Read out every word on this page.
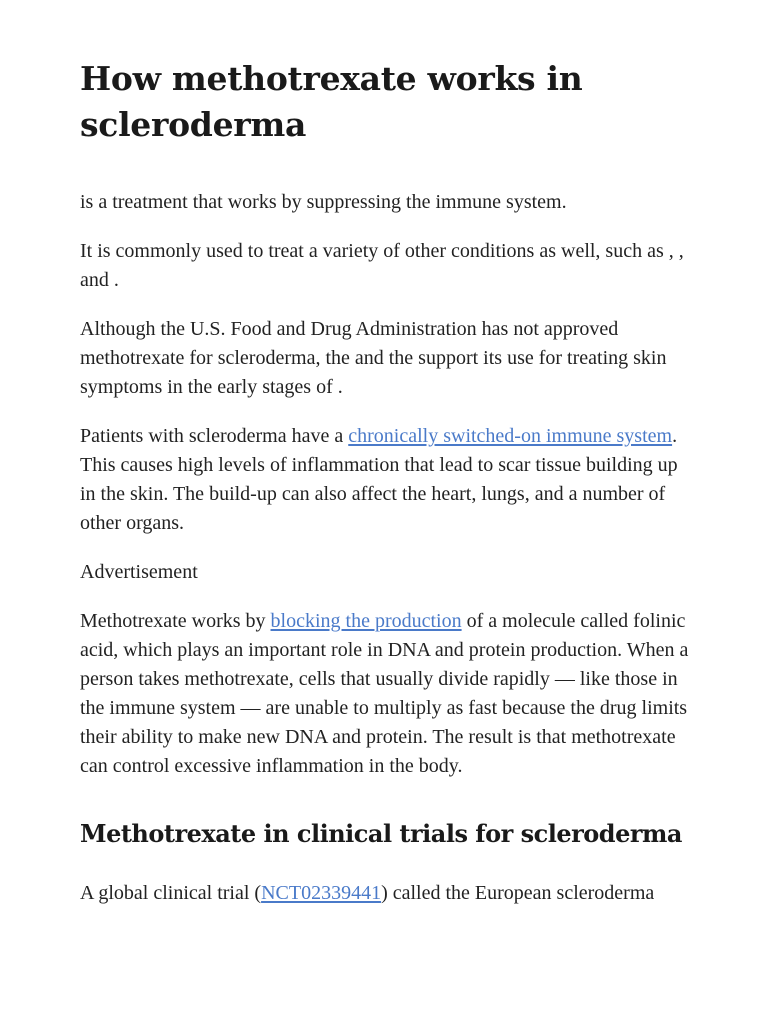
How methotrexate works in scleroderma

is a treatment that works by suppressing the immune system.

It is commonly used to treat a variety of other conditions as well, such as , , and .

Although the U.S. Food and Drug Administration has not approved methotrexate for scleroderma, the and the support its use for treating skin symptoms in the early stages of .

Patients with scleroderma have a chronically switched-on immune system. This causes high levels of inflammation that lead to scar tissue building up in the skin. The build-up can also affect the heart, lungs, and a number of other organs.

Advertisement

Methotrexate works by blocking the production of a molecule called folinic acid, which plays an important role in DNA and protein production. When a person takes methotrexate, cells that usually divide rapidly — like those in the immune system — are unable to multiply as fast because the drug limits their ability to make new DNA and protein. The result is that methotrexate can control excessive inflammation in the body.

Methotrexate in clinical trials for scleroderma

A global clinical trial (NCT02339441) called the European scleroderma
